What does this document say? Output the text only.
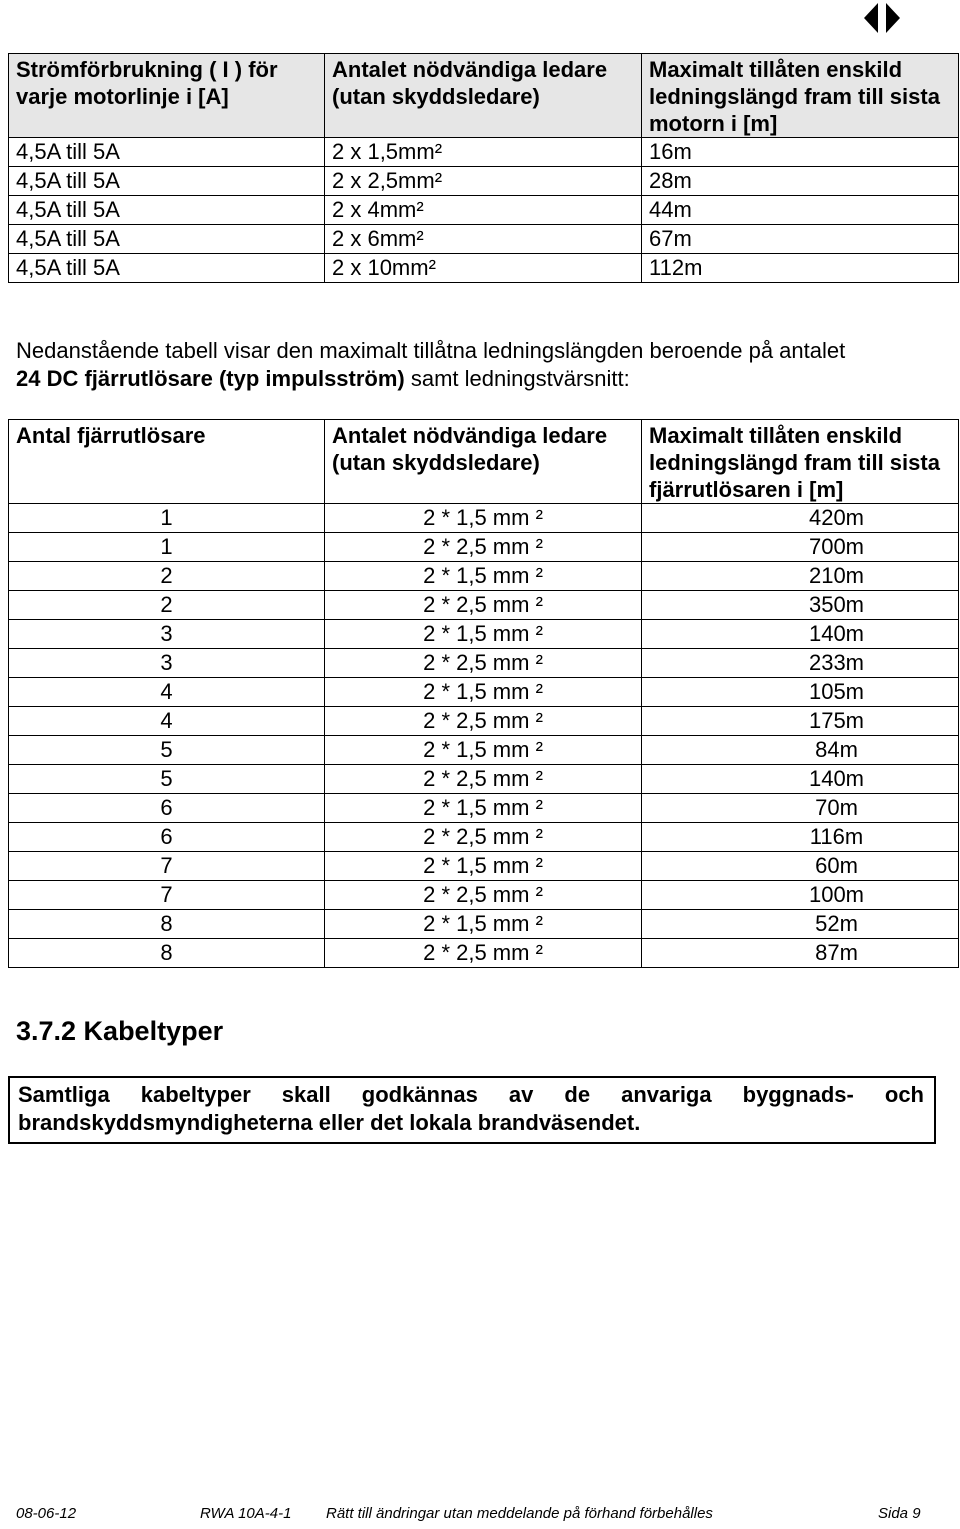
Strömförbrukning ( I ) för varje motorlinje i [A]	Antalet nödvändiga ledare (utan skyddsledare)	Maximalt tillåten enskild ledningslängd fram till sista motorn i [m]
4,5A till 5A	2 x 1,5mm²	16m
4,5A till 5A	2 x 2,5mm²	28m
4,5A till 5A	2 x 4mm²	44m
4,5A till 5A	2 x 6mm²	67m
4,5A till 5A	2 x 10mm²	112m
Nedanstående tabell visar den maximalt tillåtna ledningslängden beroende på antalet
24 DC fjärrutlösare (typ impulsström) samt ledningstvärsnitt:
Antal fjärrutlösare	Antalet nödvändiga ledare (utan skyddsledare)	Maximalt tillåten enskild ledningslängd fram till sista fjärrutlösaren i [m]
1	2 * 1,5 mm ²	420m
1	2 * 2,5 mm ²	700m
2	2 * 1,5 mm ²	210m
2	2 * 2,5 mm ²	350m
3	2 * 1,5 mm ²	140m
3	2 * 2,5 mm ²	233m
4	2 * 1,5 mm ²	105m
4	2 * 2,5 mm ²	175m
5	2 * 1,5 mm ²	84m
5	2 * 2,5 mm ²	140m
6	2 * 1,5 mm ²	70m
6	2 * 2,5 mm ²	116m
7	2 * 1,5 mm ²	60m
7	2 * 2,5 mm ²	100m
8	2 * 1,5 mm ²	52m
8	2 * 2,5 mm ²	87m
3.7.2 Kabeltyper
Samtliga kabeltyper skall godkännas av de anvariga byggnads- och brandskyddsmyndigheterna eller det lokala brandväsendet.
08-06-12	RWA 10A-4-1 Rätt till ändringar utan meddelande på förhand förbehålles	Sida 9
